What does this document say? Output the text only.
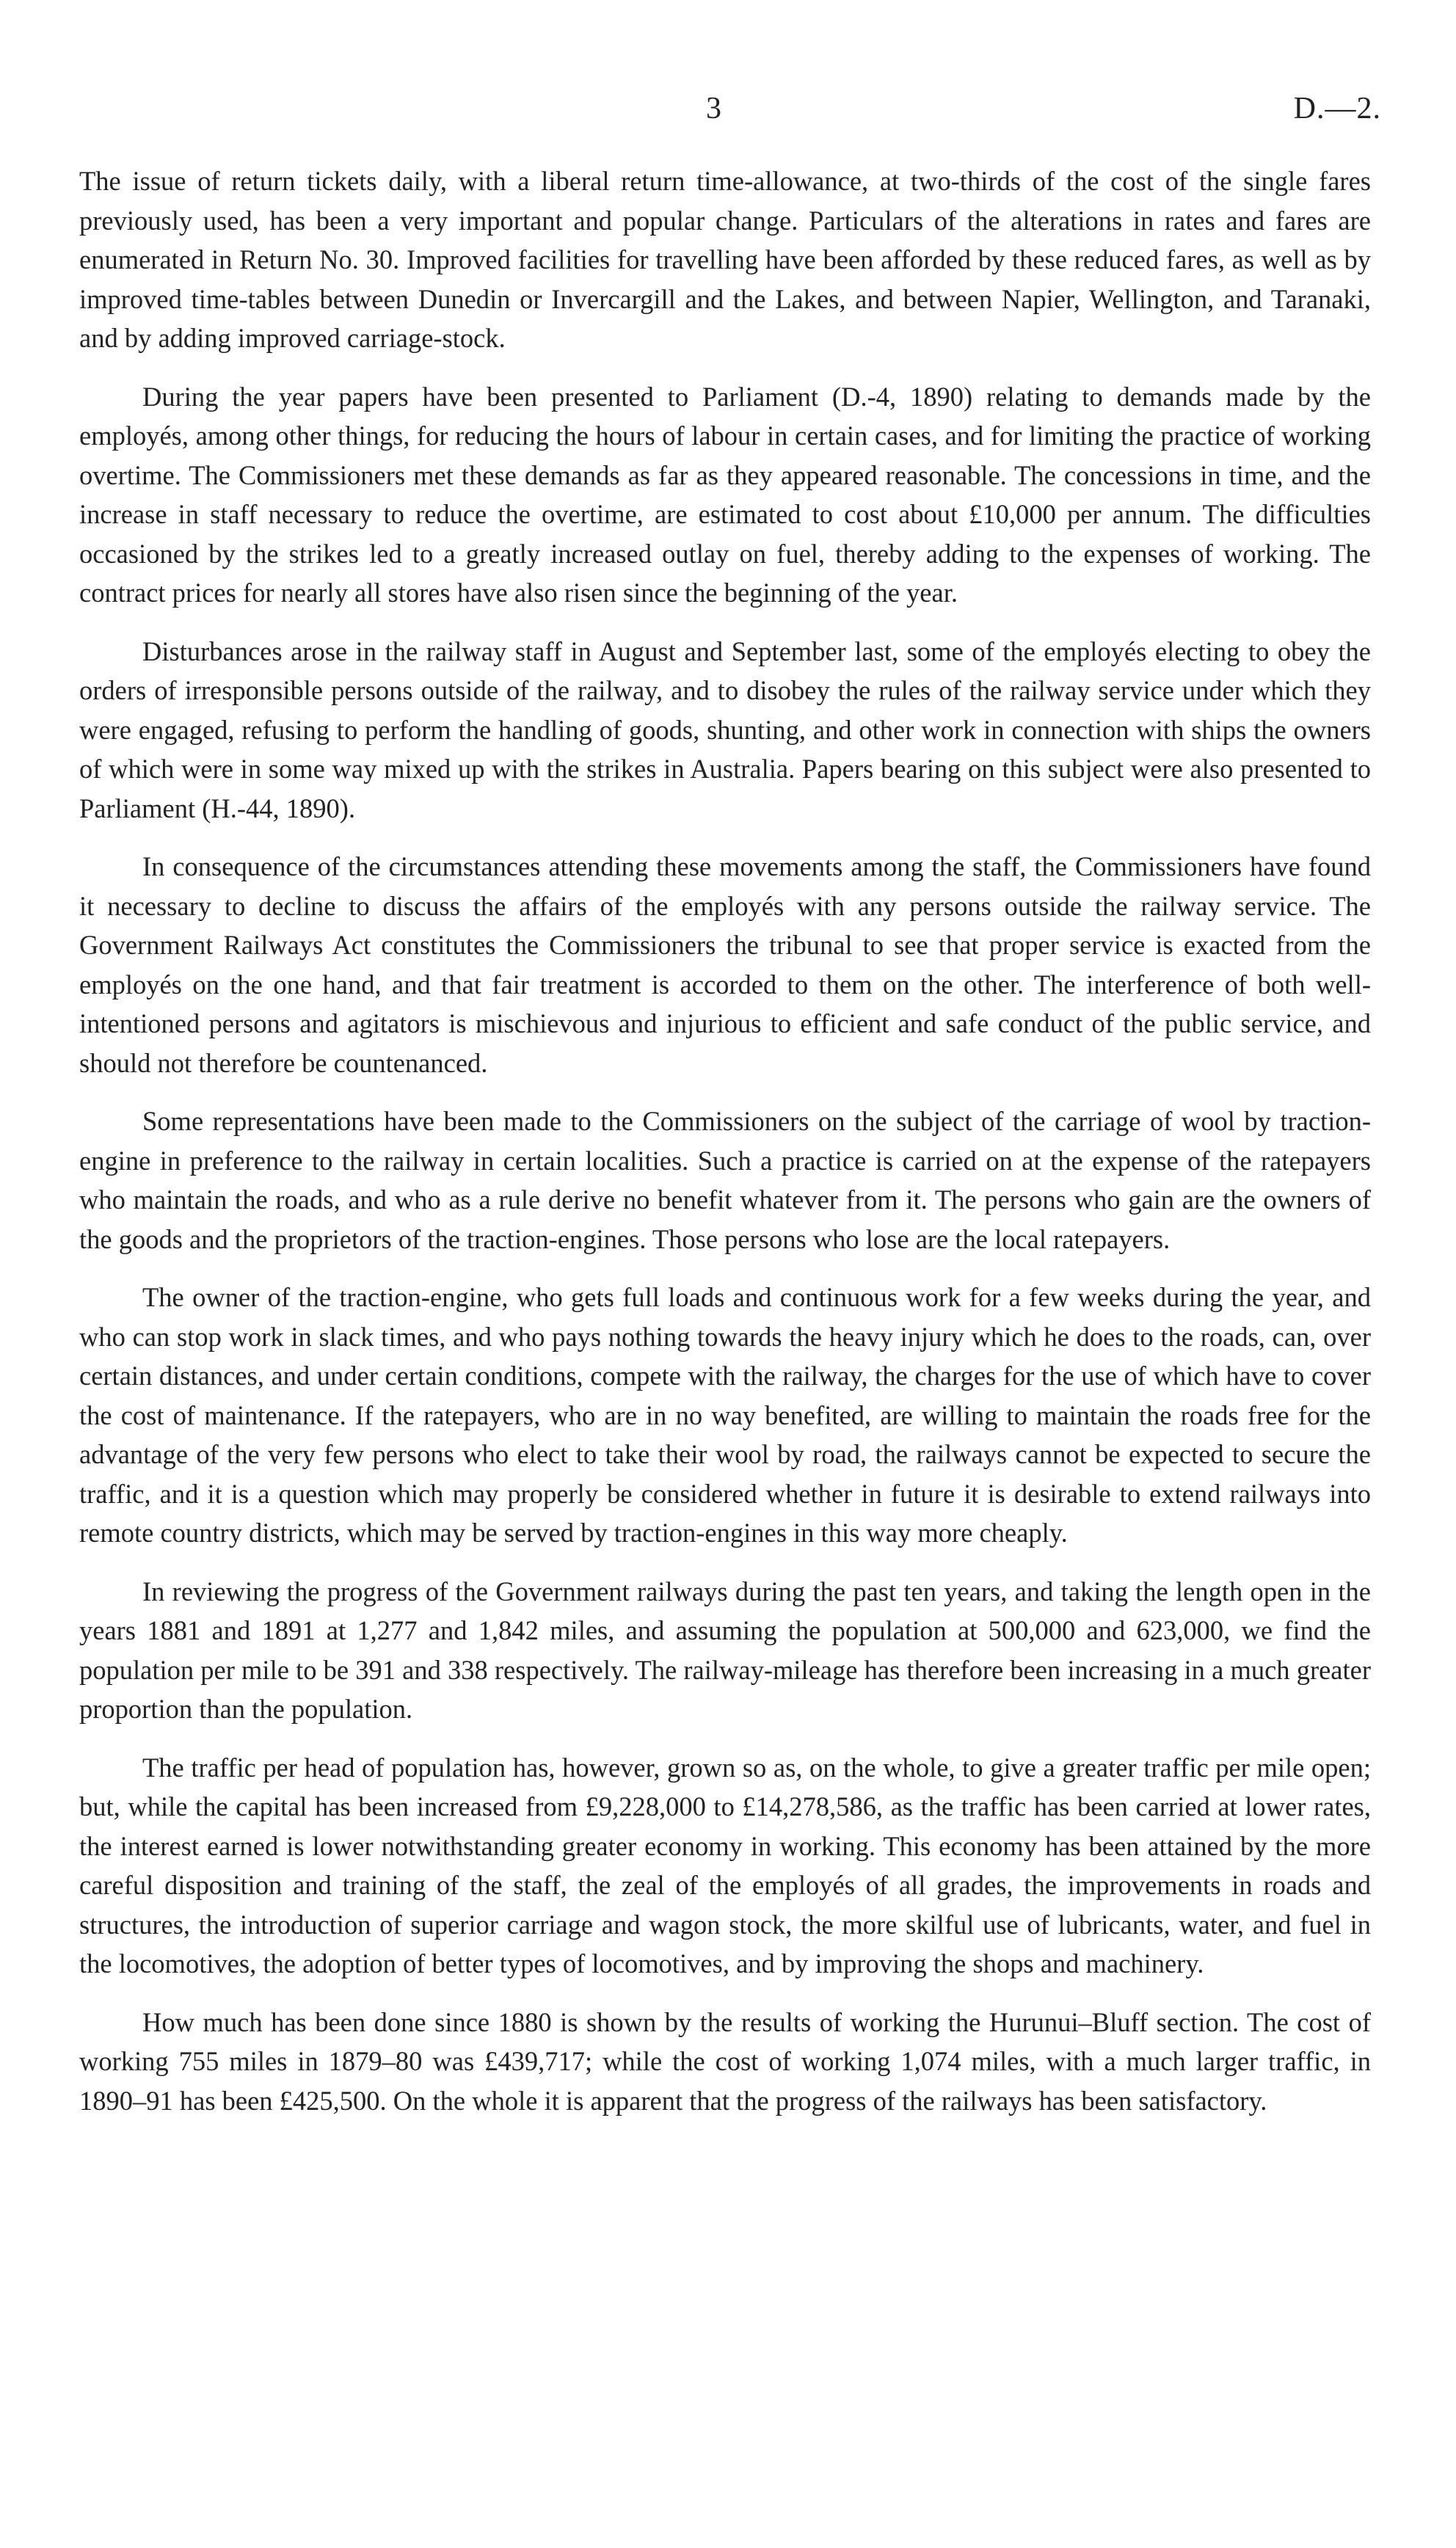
3	D.—2.

The issue of return tickets daily, with a liberal return time-allowance, at two-thirds of the cost of the single fares previously used, has been a very important and popular change. Particulars of the alterations in rates and fares are enumerated in Return No. 30. Improved facilities for travelling have been afforded by these reduced fares, as well as by improved time-tables between Dunedin or Invercargill and the Lakes, and between Napier, Wellington, and Taranaki, and by adding improved carriage-stock.

During the year papers have been presented to Parliament (D.-4, 1890) relating to demands made by the employés, among other things, for reducing the hours of labour in certain cases, and for limiting the practice of working overtime. The Commissioners met these demands as far as they appeared reasonable. The concessions in time, and the increase in staff necessary to reduce the overtime, are estimated to cost about £10,000 per annum. The difficulties occasioned by the strikes led to a greatly increased outlay on fuel, thereby adding to the expenses of working. The contract prices for nearly all stores have also risen since the beginning of the year.

Disturbances arose in the railway staff in August and September last, some of the employés electing to obey the orders of irresponsible persons outside of the railway, and to disobey the rules of the railway service under which they were engaged, refusing to perform the handling of goods, shunting, and other work in connection with ships the owners of which were in some way mixed up with the strikes in Australia. Papers bearing on this subject were also presented to Parliament (H.-44, 1890).

In consequence of the circumstances attending these movements among the staff, the Commissioners have found it necessary to decline to discuss the affairs of the employés with any persons outside the railway service. The Government Railways Act constitutes the Commissioners the tribunal to see that proper service is exacted from the employés on the one hand, and that fair treatment is accorded to them on the other. The interference of both well-intentioned persons and agitators is mischievous and injurious to efficient and safe conduct of the public service, and should not therefore be countenanced.

Some representations have been made to the Commissioners on the subject of the carriage of wool by traction-engine in preference to the railway in certain localities. Such a practice is carried on at the expense of the ratepayers who maintain the roads, and who as a rule derive no benefit whatever from it. The persons who gain are the owners of the goods and the proprietors of the traction-engines. Those persons who lose are the local ratepayers.

The owner of the traction-engine, who gets full loads and continuous work for a few weeks during the year, and who can stop work in slack times, and who pays nothing towards the heavy injury which he does to the roads, can, over certain distances, and under certain conditions, compete with the railway, the charges for the use of which have to cover the cost of maintenance. If the ratepayers, who are in no way benefited, are willing to maintain the roads free for the advantage of the very few persons who elect to take their wool by road, the railways cannot be expected to secure the traffic, and it is a question which may properly be considered whether in future it is desirable to extend railways into remote country districts, which may be served by traction-engines in this way more cheaply.

In reviewing the progress of the Government railways during the past ten years, and taking the length open in the years 1881 and 1891 at 1,277 and 1,842 miles, and assuming the population at 500,000 and 623,000, we find the population per mile to be 391 and 338 respectively. The railway-mileage has therefore been increasing in a much greater proportion than the population.

The traffic per head of population has, however, grown so as, on the whole, to give a greater traffic per mile open; but, while the capital has been increased from £9,228,000 to £14,278,586, as the traffic has been carried at lower rates, the interest earned is lower notwithstanding greater economy in working. This economy has been attained by the more careful disposition and training of the staff, the zeal of the employés of all grades, the improvements in roads and structures, the introduction of superior carriage and wagon stock, the more skilful use of lubricants, water, and fuel in the locomotives, the adoption of better types of locomotives, and by improving the shops and machinery.

How much has been done since 1880 is shown by the results of working the Hurunui–Bluff section. The cost of working 755 miles in 1879–80 was £439,717; while the cost of working 1,074 miles, with a much larger traffic, in 1890–91 has been £425,500. On the whole it is apparent that the progress of the railways has been satisfactory.
